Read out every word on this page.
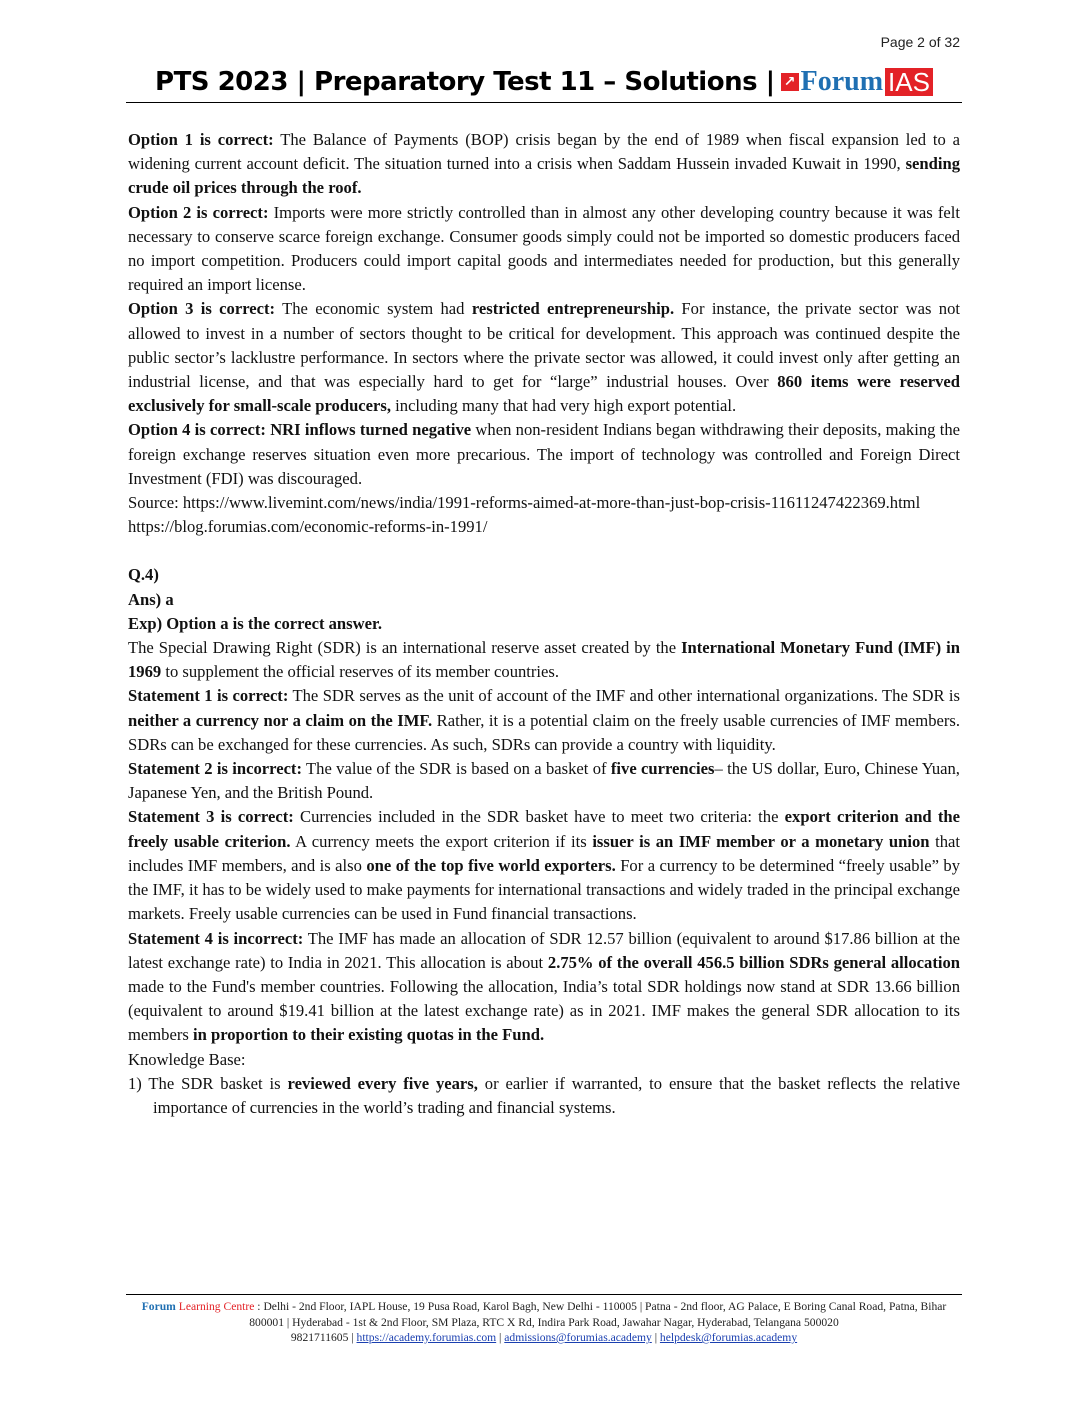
Page 2 of 32
PTS 2023 | Preparatory Test 11 – Solutions | ↗ Forum IAS

Option 1 is correct: The Balance of Payments (BOP) crisis began by the end of 1989 when fiscal expansion led to a widening current account deficit. The situation turned into a crisis when Saddam Hussein invaded Kuwait in 1990, sending crude oil prices through the roof.

Option 2 is correct: Imports were more strictly controlled than in almost any other developing country because it was felt necessary to conserve scarce foreign exchange. Consumer goods simply could not be imported so domestic producers faced no import competition. Producers could import capital goods and intermediates needed for production, but this generally required an import license.

Option 3 is correct: The economic system had restricted entrepreneurship. For instance, the private sector was not allowed to invest in a number of sectors thought to be critical for development. This approach was continued despite the public sector’s lacklustre performance. In sectors where the private sector was allowed, it could invest only after getting an industrial license, and that was especially hard to get for “large” industrial houses. Over 860 items were reserved exclusively for small-scale producers, including many that had very high export potential.

Option 4 is correct: NRI inflows turned negative when non-resident Indians began withdrawing their deposits, making the foreign exchange reserves situation even more precarious. The import of technology was controlled and Foreign Direct Investment (FDI) was discouraged.

Source: https://www.livemint.com/news/india/1991-reforms-aimed-at-more-than-just-bop-crisis-11611247422369.html

https://blog.forumias.com/economic-reforms-in-1991/

Q.4)

Ans) a

Exp) Option a is the correct answer.

The Special Drawing Right (SDR) is an international reserve asset created by the International Monetary Fund (IMF) in 1969 to supplement the official reserves of its member countries.

Statement 1 is correct: The SDR serves as the unit of account of the IMF and other international organizations. The SDR is neither a currency nor a claim on the IMF. Rather, it is a potential claim on the freely usable currencies of IMF members. SDRs can be exchanged for these currencies. As such, SDRs can provide a country with liquidity.

Statement 2 is incorrect: The value of the SDR is based on a basket of five currencies– the US dollar, Euro, Chinese Yuan, Japanese Yen, and the British Pound.

Statement 3 is correct: Currencies included in the SDR basket have to meet two criteria: the export criterion and the freely usable criterion. A currency meets the export criterion if its issuer is an IMF member or a monetary union that includes IMF members, and is also one of the top five world exporters. For a currency to be determined “freely usable” by the IMF, it has to be widely used to make payments for international transactions and widely traded in the principal exchange markets. Freely usable currencies can be used in Fund financial transactions.

Statement 4 is incorrect: The IMF has made an allocation of SDR 12.57 billion (equivalent to around $17.86 billion at the latest exchange rate) to India in 2021. This allocation is about 2.75% of the overall 456.5 billion SDRs general allocation made to the Fund's member countries. Following the allocation, India’s total SDR holdings now stand at SDR 13.66 billion (equivalent to around $19.41 billion at the latest exchange rate) as in 2021. IMF makes the general SDR allocation to its members in proportion to their existing quotas in the Fund.

Knowledge Base:

1) The SDR basket is reviewed every five years, or earlier if warranted, to ensure that the basket reflects the relative importance of currencies in the world’s trading and financial systems.

Forum Learning Centre : Delhi - 2nd Floor, IAPL House, 19 Pusa Road, Karol Bagh, New Delhi - 110005 | Patna - 2nd floor, AG Palace, E Boring Canal Road, Patna, Bihar 800001 | Hyderabad - 1st & 2nd Floor, SM Plaza, RTC X Rd, Indira Park Road, Jawahar Nagar, Hyderabad, Telangana 500020
9821711605 | https://academy.forumias.com | admissions@forumias.academy | helpdesk@forumias.academy
